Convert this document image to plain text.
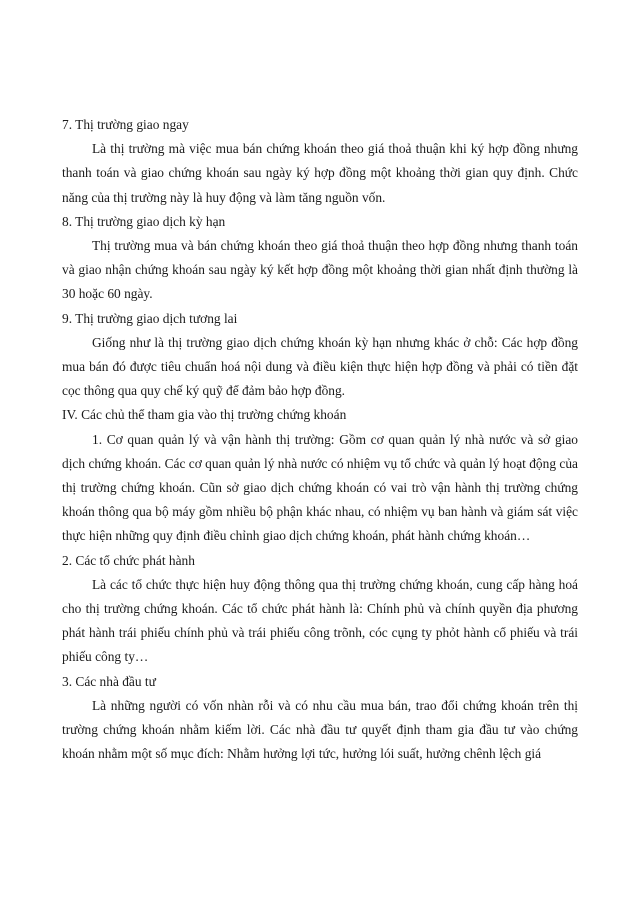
7. Thị trường giao ngay

Là thị trường mà việc mua bán chứng khoán theo giá thoả thuận khi ký hợp đồng nhưng thanh toán và giao chứng khoán sau ngày ký hợp đồng một khoảng thời gian quy định. Chức năng của thị trường này là huy động và làm tăng nguồn vốn.

8. Thị trường giao dịch kỳ hạn

Thị trường mua và bán chứng khoán theo giá thoả thuận theo hợp đồng nhưng thanh toán và giao nhận chứng khoán sau ngày ký kết hợp đồng một khoảng thời gian nhất định thường là 30 hoặc 60 ngày.

9. Thị trường giao dịch tương lai

Giống như là thị trường giao dịch chứng khoán kỳ hạn nhưng khác ở chỗ: Các hợp đồng mua bán đó được tiêu chuẩn hoá nội dung và điều kiện thực hiện hợp đồng và phải có tiền đặt cọc thông qua quy chế ký quỹ để đảm bảo hợp đồng.

IV. Các chủ thể tham gia vào thị trường chứng khoán

1. Cơ quan quản lý và vận hành thị trường: Gồm cơ quan quản lý nhà nước và sở giao dịch chứng khoán. Các cơ quan quản lý nhà nước có nhiệm vụ tổ chức và quản lý hoạt động của thị trường chứng khoán. Cũn sở giao dịch chứng khoán có vai trò vận hành thị trường chứng khoán thông qua bộ máy gồm nhiều bộ phận khác nhau, có nhiệm vụ ban hành và giám sát việc thực hiện những quy định điều chỉnh giao dịch chứng khoán, phát hành chứng khoán…

2. Các tổ chức phát hành

Là các tổ chức thực hiện huy động thông qua thị trường chứng khoán, cung cấp hàng hoá cho thị trường chứng khoán. Các tổ chức phát hành là: Chính phủ và chính quyền địa phương phát hành trái phiếu chính phủ và trái phiếu công trõnh, cóc cụng ty phỏt hành cổ phiếu và trái phiếu công ty…

3. Các nhà đầu tư

Là những người có vốn nhàn rỗi và có nhu cầu mua bán, trao đổi chứng khoán trên thị trường chứng khoán nhằm kiếm lời. Các nhà đầu tư quyết định tham gia đầu tư vào chứng khoán nhằm một số mục đích: Nhằm hưởng lợi tức, hưởng lói suất, hưởng chênh lệch giá
